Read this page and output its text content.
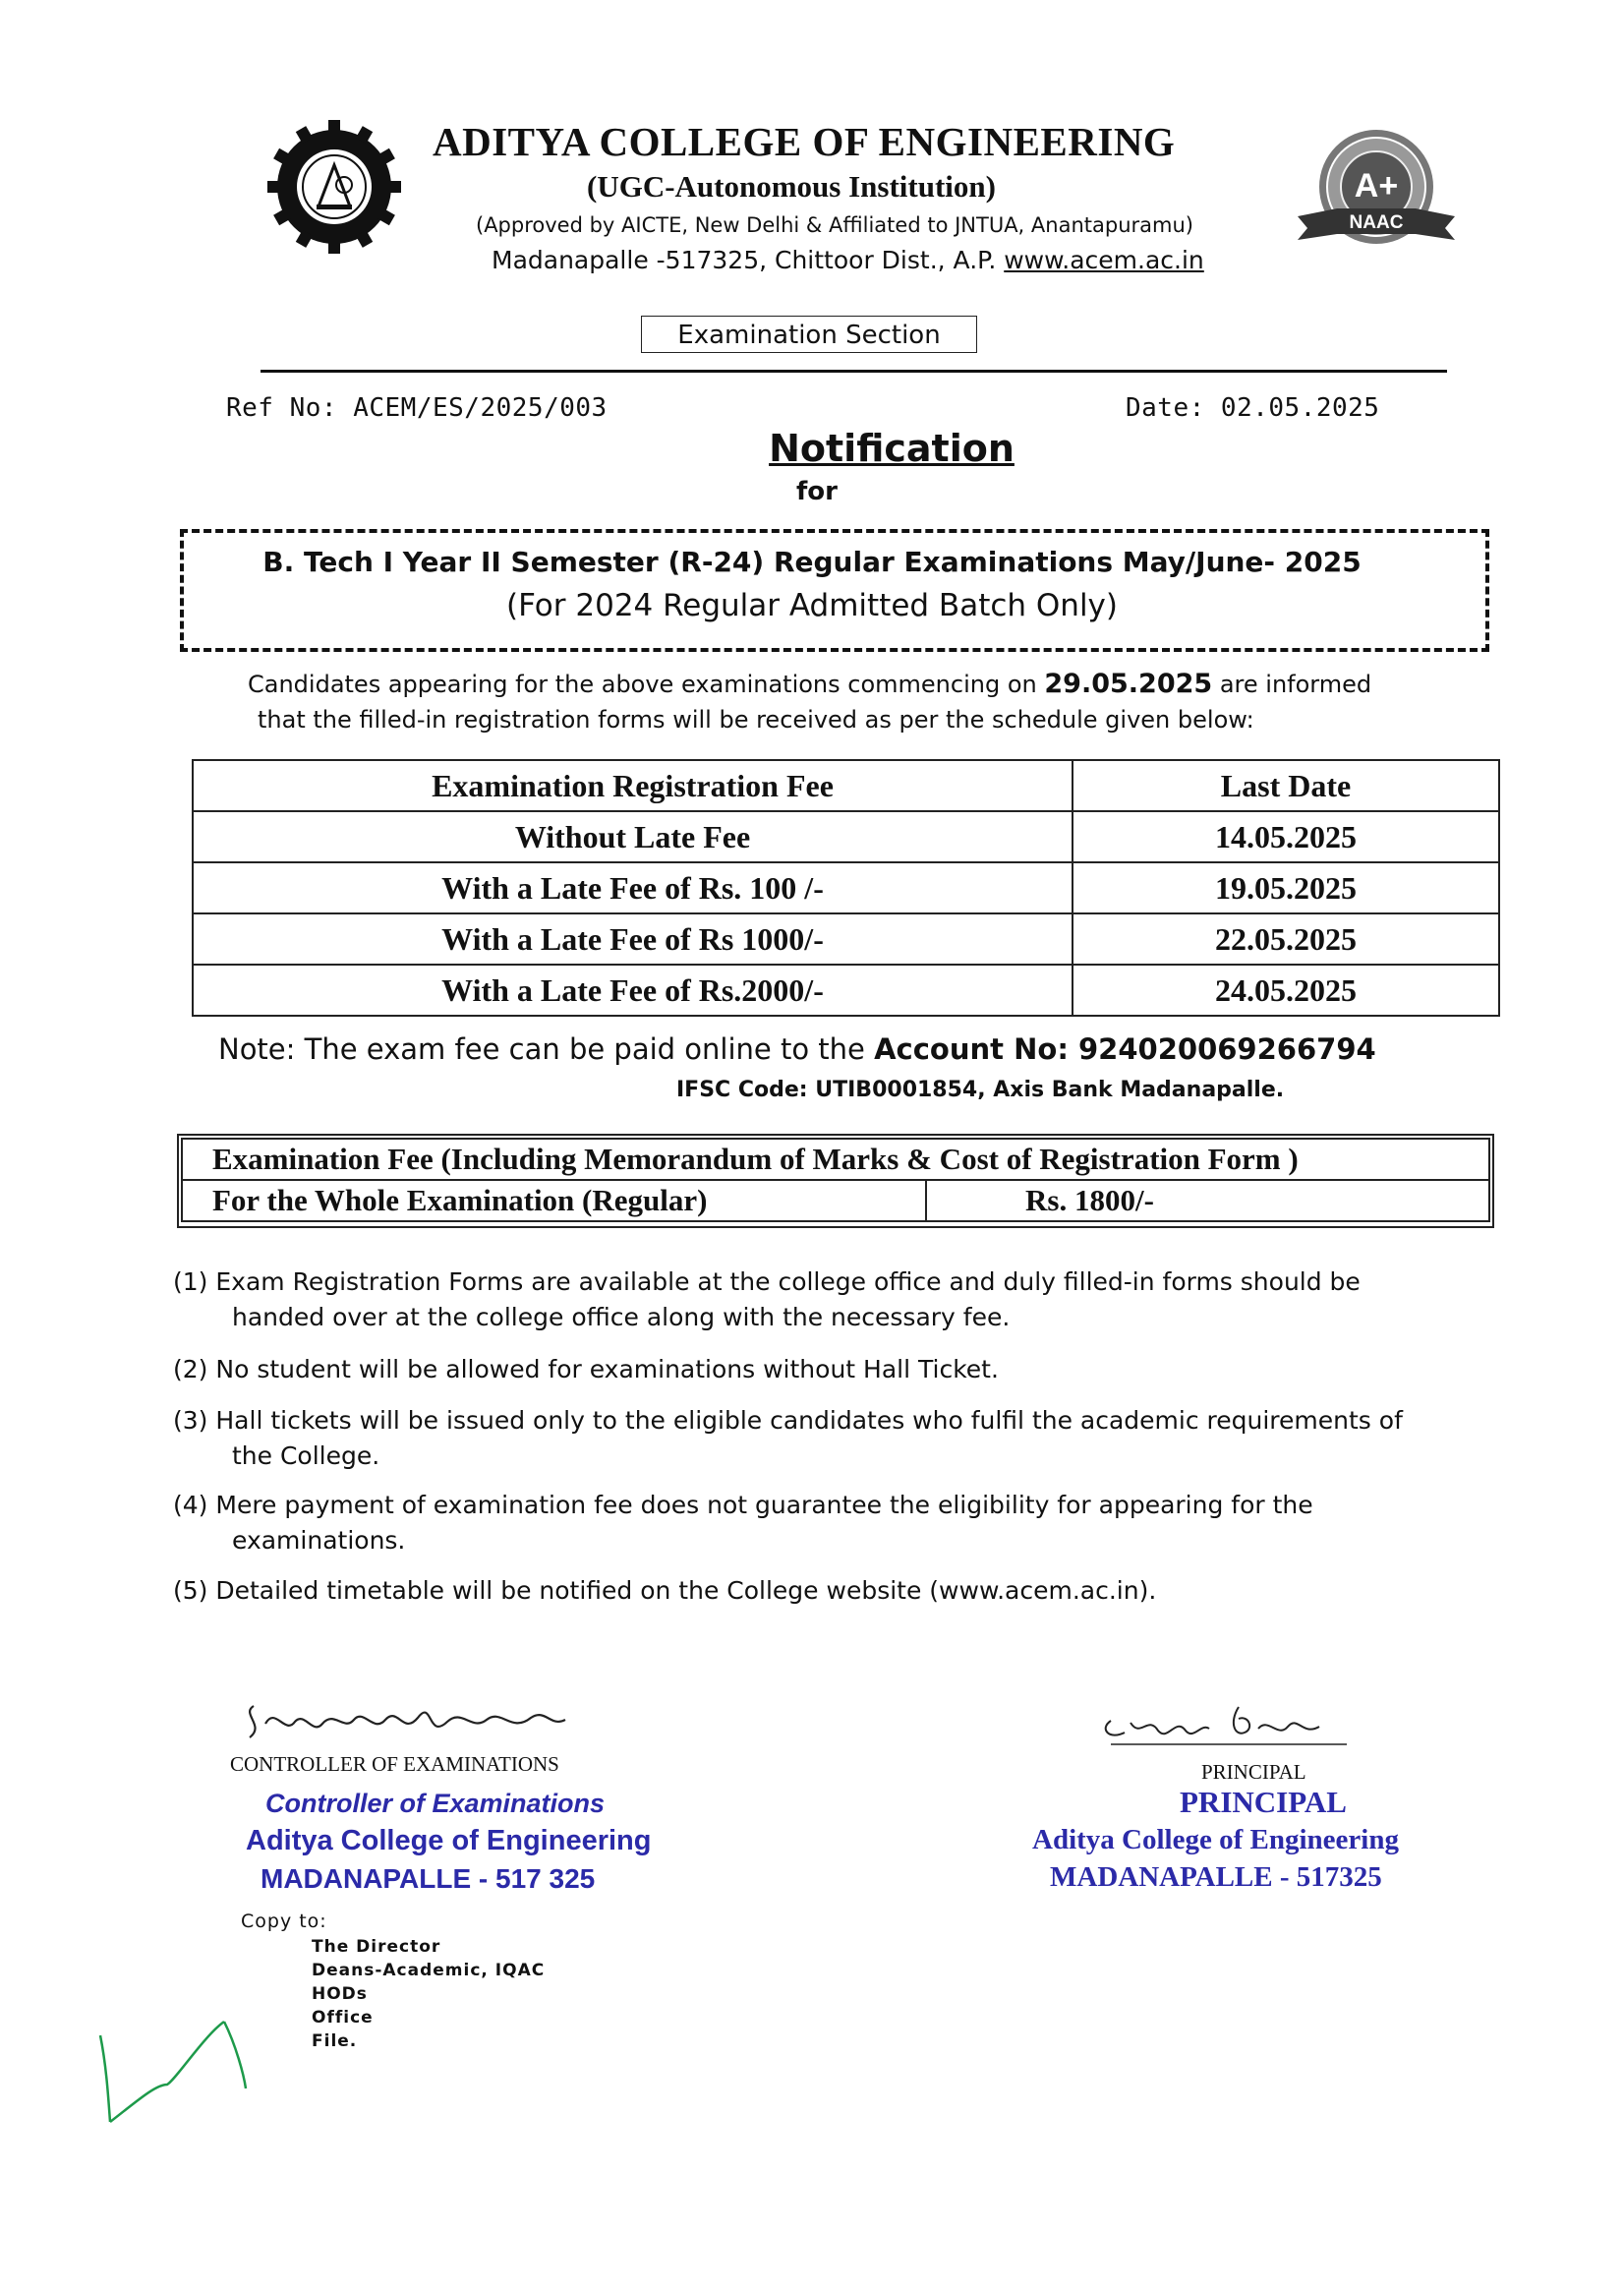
A+
NAAC
ADITYA COLLEGE OF ENGINEERING
(UGC-Autonomous Institution)
(Approved by AICTE, New Delhi & Affiliated to JNTUA, Anantapuramu)
Madanapalle -517325, Chittoor Dist., A.P. www.acem.ac.in
Examination Section
Ref No: ACEM/ES/2025/003	Date: 02.05.2025
Notification
for
B. Tech I Year II Semester (R-24) Regular Examinations May/June- 2025
(For 2024 Regular Admitted Batch Only)
Candidates appearing for the above examinations commencing on 29.05.2025 are informed
that the filled-in registration forms will be received as per the schedule given below:
Examination Registration Fee	Last Date
Without Late Fee	14.05.2025
With a Late Fee of Rs. 100 /-	19.05.2025
With a Late Fee of Rs 1000/-	22.05.2025
With a Late Fee of Rs.2000/-	24.05.2025
Note: The exam fee can be paid online to the Account No: 924020069266794
IFSC Code: UTIB0001854, Axis Bank Madanapalle.
Examination Fee (Including Memorandum of Marks & Cost of Registration Form )
For the Whole Examination (Regular)	Rs. 1800/-
(1) Exam Registration Forms are available at the college office and duly filled-in forms should be
handed over at the college office along with the necessary fee.
(2) No student will be allowed for examinations without Hall Ticket.
(3) Hall tickets will be issued only to the eligible candidates who fulfil the academic requirements of
the College.
(4) Mere payment of examination fee does not guarantee the eligibility for appearing for the
examinations.
(5) Detailed timetable will be notified on the College website (www.acem.ac.in).
CONTROLLER OF EXAMINATIONS
Controller of Examinations
Aditya College of Engineering
MADANAPALLE - 517 325
PRINCIPAL
PRINCIPAL
Aditya College of Engineering
MADANAPALLE - 517325
Copy to:
The Director
Deans-Academic, IQAC
HODs
Office
File.
